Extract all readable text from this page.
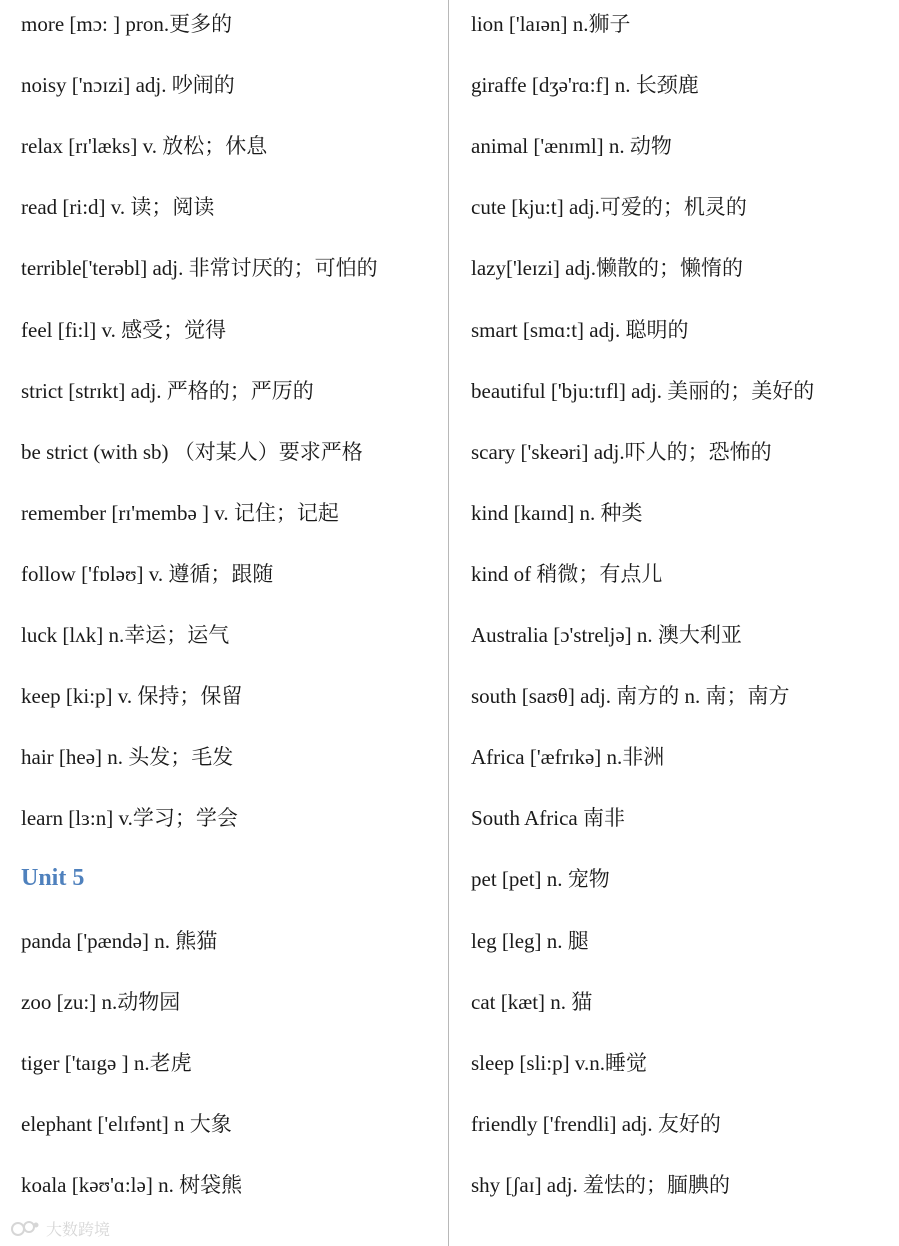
more [mɔ: ] pron.更多的
noisy ['nɔɪzi] adj. 吵闹的
relax [rɪ'læks] v. 放松；休息
read [ri:d] v. 读；阅读
terrible['terəbl] adj. 非常讨厌的；可怕的
feel [fi:l] v. 感受；觉得
strict [strɪkt] adj. 严格的；严厉的
be strict (with sb) （对某人）要求严格
remember [rɪ'membə ] v. 记住；记起
follow ['fɒləʊ] v. 遵循；跟随
luck [lʌk] n.幸运；运气
keep [ki:p] v. 保持；保留
hair [heə] n. 头发；毛发
learn [lɜ:n] v.学习；学会
Unit 5
panda ['pændə] n. 熊猫
zoo [zu:] n.动物园
tiger ['taɪgə ] n.老虎
elephant ['elɪfənt] n 大象
koala [kəʊ'ɑ:lə] n. 树袋熊
lion ['laɪən] n.狮子
giraffe [dʒə'rɑ:f] n. 长颈鹿
animal ['ænɪml] n. 动物
cute [kju:t] adj.可爱的；机灵的
lazy['leɪzi] adj.懒散的；懒惰的
smart [smɑ:t] adj. 聪明的
beautiful ['bju:tɪfl] adj. 美丽的；美好的
scary ['skeəri] adj.吓人的；恐怖的
kind [kaɪnd] n. 种类
kind of 稍微；有点儿
Australia [ɔ'streljə] n. 澳大利亚
south [saʊθ] adj. 南方的 n. 南；南方
Africa ['æfrɪkə] n.非洲
South Africa 南非
pet [pet] n. 宠物
leg [leg] n. 腿
cat [kæt] n. 猫
sleep [sli:p] v.n.睡觉
friendly ['frendli] adj. 友好的
shy [ʃaɪ] adj. 羞怯的；腼腆的
大数跨境
